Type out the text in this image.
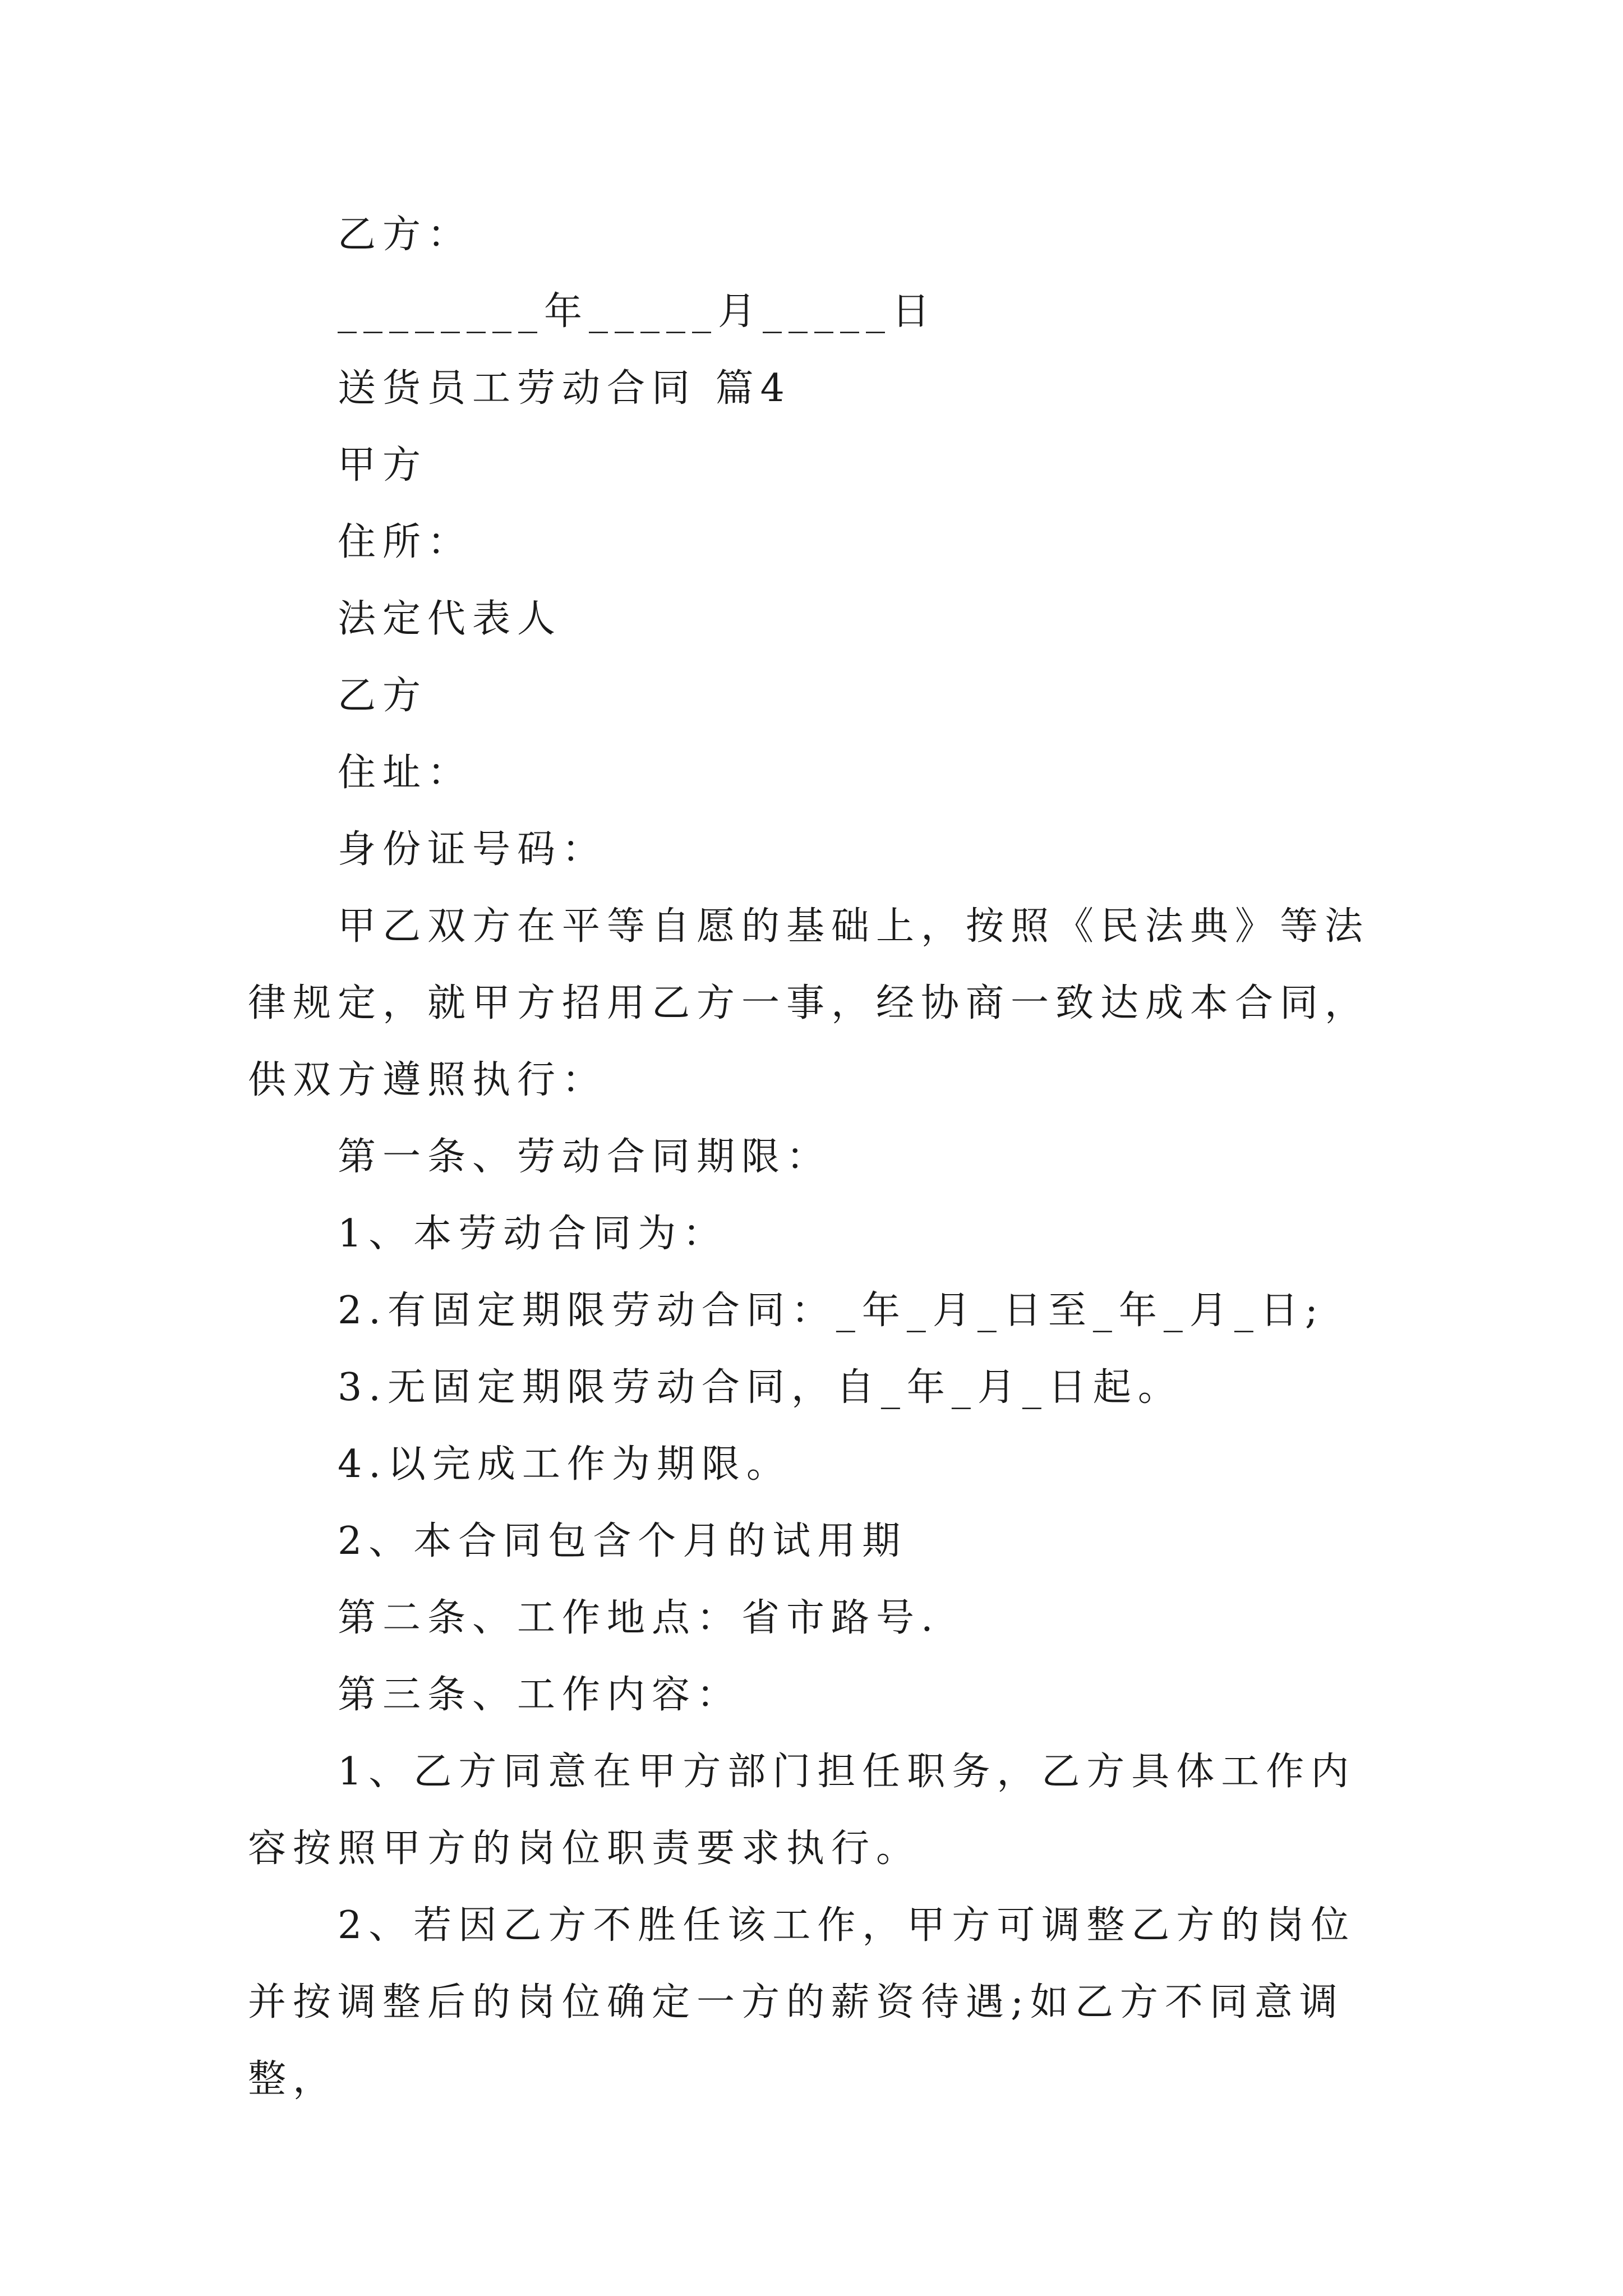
乙方：
________年_____月_____日
送货员工劳动合同 篇4
甲方
住所：
法定代表人
乙方
住址：
身份证号码：
甲乙双方在平等自愿的基础上，按照《民法典》等法律规定，就甲方招用乙方一事，经协商一致达成本合同，供双方遵照执行：
第一条、劳动合同期限：
1、本劳动合同为：
2.有固定期限劳动合同：_年_月_日至_年_月_日;
3.无固定期限劳动合同，自_年_月_日起。
4.以完成工作为期限。
2、本合同包含个月的试用期
第二条、工作地点：省市路号.
第三条、工作内容：
1、乙方同意在甲方部门担任职务，乙方具体工作内容按照甲方的岗位职责要求执行。
2、若因乙方不胜任该工作，甲方可调整乙方的岗位并按调整后的岗位确定一方的薪资待遇;如乙方不同意调整，
